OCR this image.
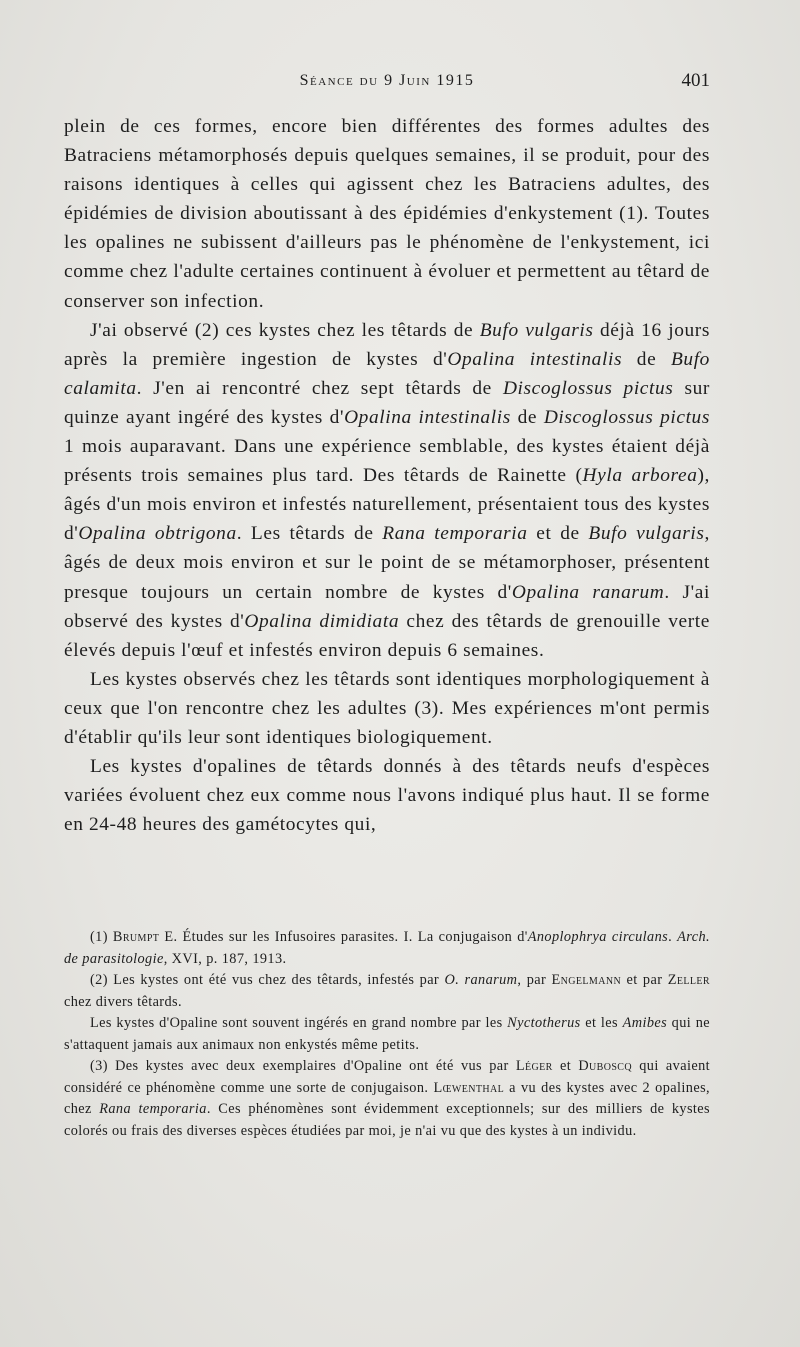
Séance du 9 Juin 1915	401

plein de ces formes, encore bien différentes des formes adultes des Batraciens métamorphosés depuis quelques semaines, il se produit, pour des raisons identiques à celles qui agissent chez les Batraciens adultes, des épidémies de division aboutissant à des épidémies d'enkystement (1). Toutes les opalines ne subissent d'ailleurs pas le phénomène de l'enkystement, ici comme chez l'adulte certaines continuent à évoluer et permettent au têtard de conserver son infection.

J'ai observé (2) ces kystes chez les têtards de Bufo vulgaris déjà 16 jours après la première ingestion de kystes d'Opalina intestinalis de Bufo calamita. J'en ai rencontré chez sept têtards de Discoglossus pictus sur quinze ayant ingéré des kystes d'Opalina intestinalis de Discoglossus pictus 1 mois auparavant. Dans une expérience semblable, des kystes étaient déjà présents trois semaines plus tard. Des têtards de Rainette (Hyla arborea), âgés d'un mois environ et infestés naturellement, présentaient tous des kystes d'Opalina obtrigona. Les têtards de Rana temporaria et de Bufo vulgaris, âgés de deux mois environ et sur le point de se métamorphoser, présentent presque toujours un certain nombre de kystes d'Opalina ranarum. J'ai observé des kystes d'Opalina dimidiata chez des têtards de grenouille verte élevés depuis l'œuf et infestés environ depuis 6 semaines.

Les kystes observés chez les têtards sont identiques morphologiquement à ceux que l'on rencontre chez les adultes (3). Mes expériences m'ont permis d'établir qu'ils leur sont identiques biologiquement.

Les kystes d'opalines de têtards donnés à des têtards neufs d'espèces variées évoluent chez eux comme nous l'avons indiqué plus haut. Il se forme en 24-48 heures des gamétocytes qui,

(1) Brumpt E. Études sur les Infusoires parasites. I. La conjugaison d'Anoplophrya circulans. Arch. de parasitologie, XVI, p. 187, 1913.

(2) Les kystes ont été vus chez des têtards, infestés par O. ranarum, par Engelmann et par Zeller chez divers têtards.

Les kystes d'Opaline sont souvent ingérés en grand nombre par les Nyctotherus et les Amibes qui ne s'attaquent jamais aux animaux non enkystés même petits.

(3) Des kystes avec deux exemplaires d'Opaline ont été vus par Léger et Duboscq qui avaient considéré ce phénomène comme une sorte de conjugaison. Lœwenthal a vu des kystes avec 2 opalines, chez Rana temporaria. Ces phénomènes sont évidemment exceptionnels; sur des milliers de kystes colorés ou frais des diverses espèces étudiées par moi, je n'ai vu que des kystes à un individu.
